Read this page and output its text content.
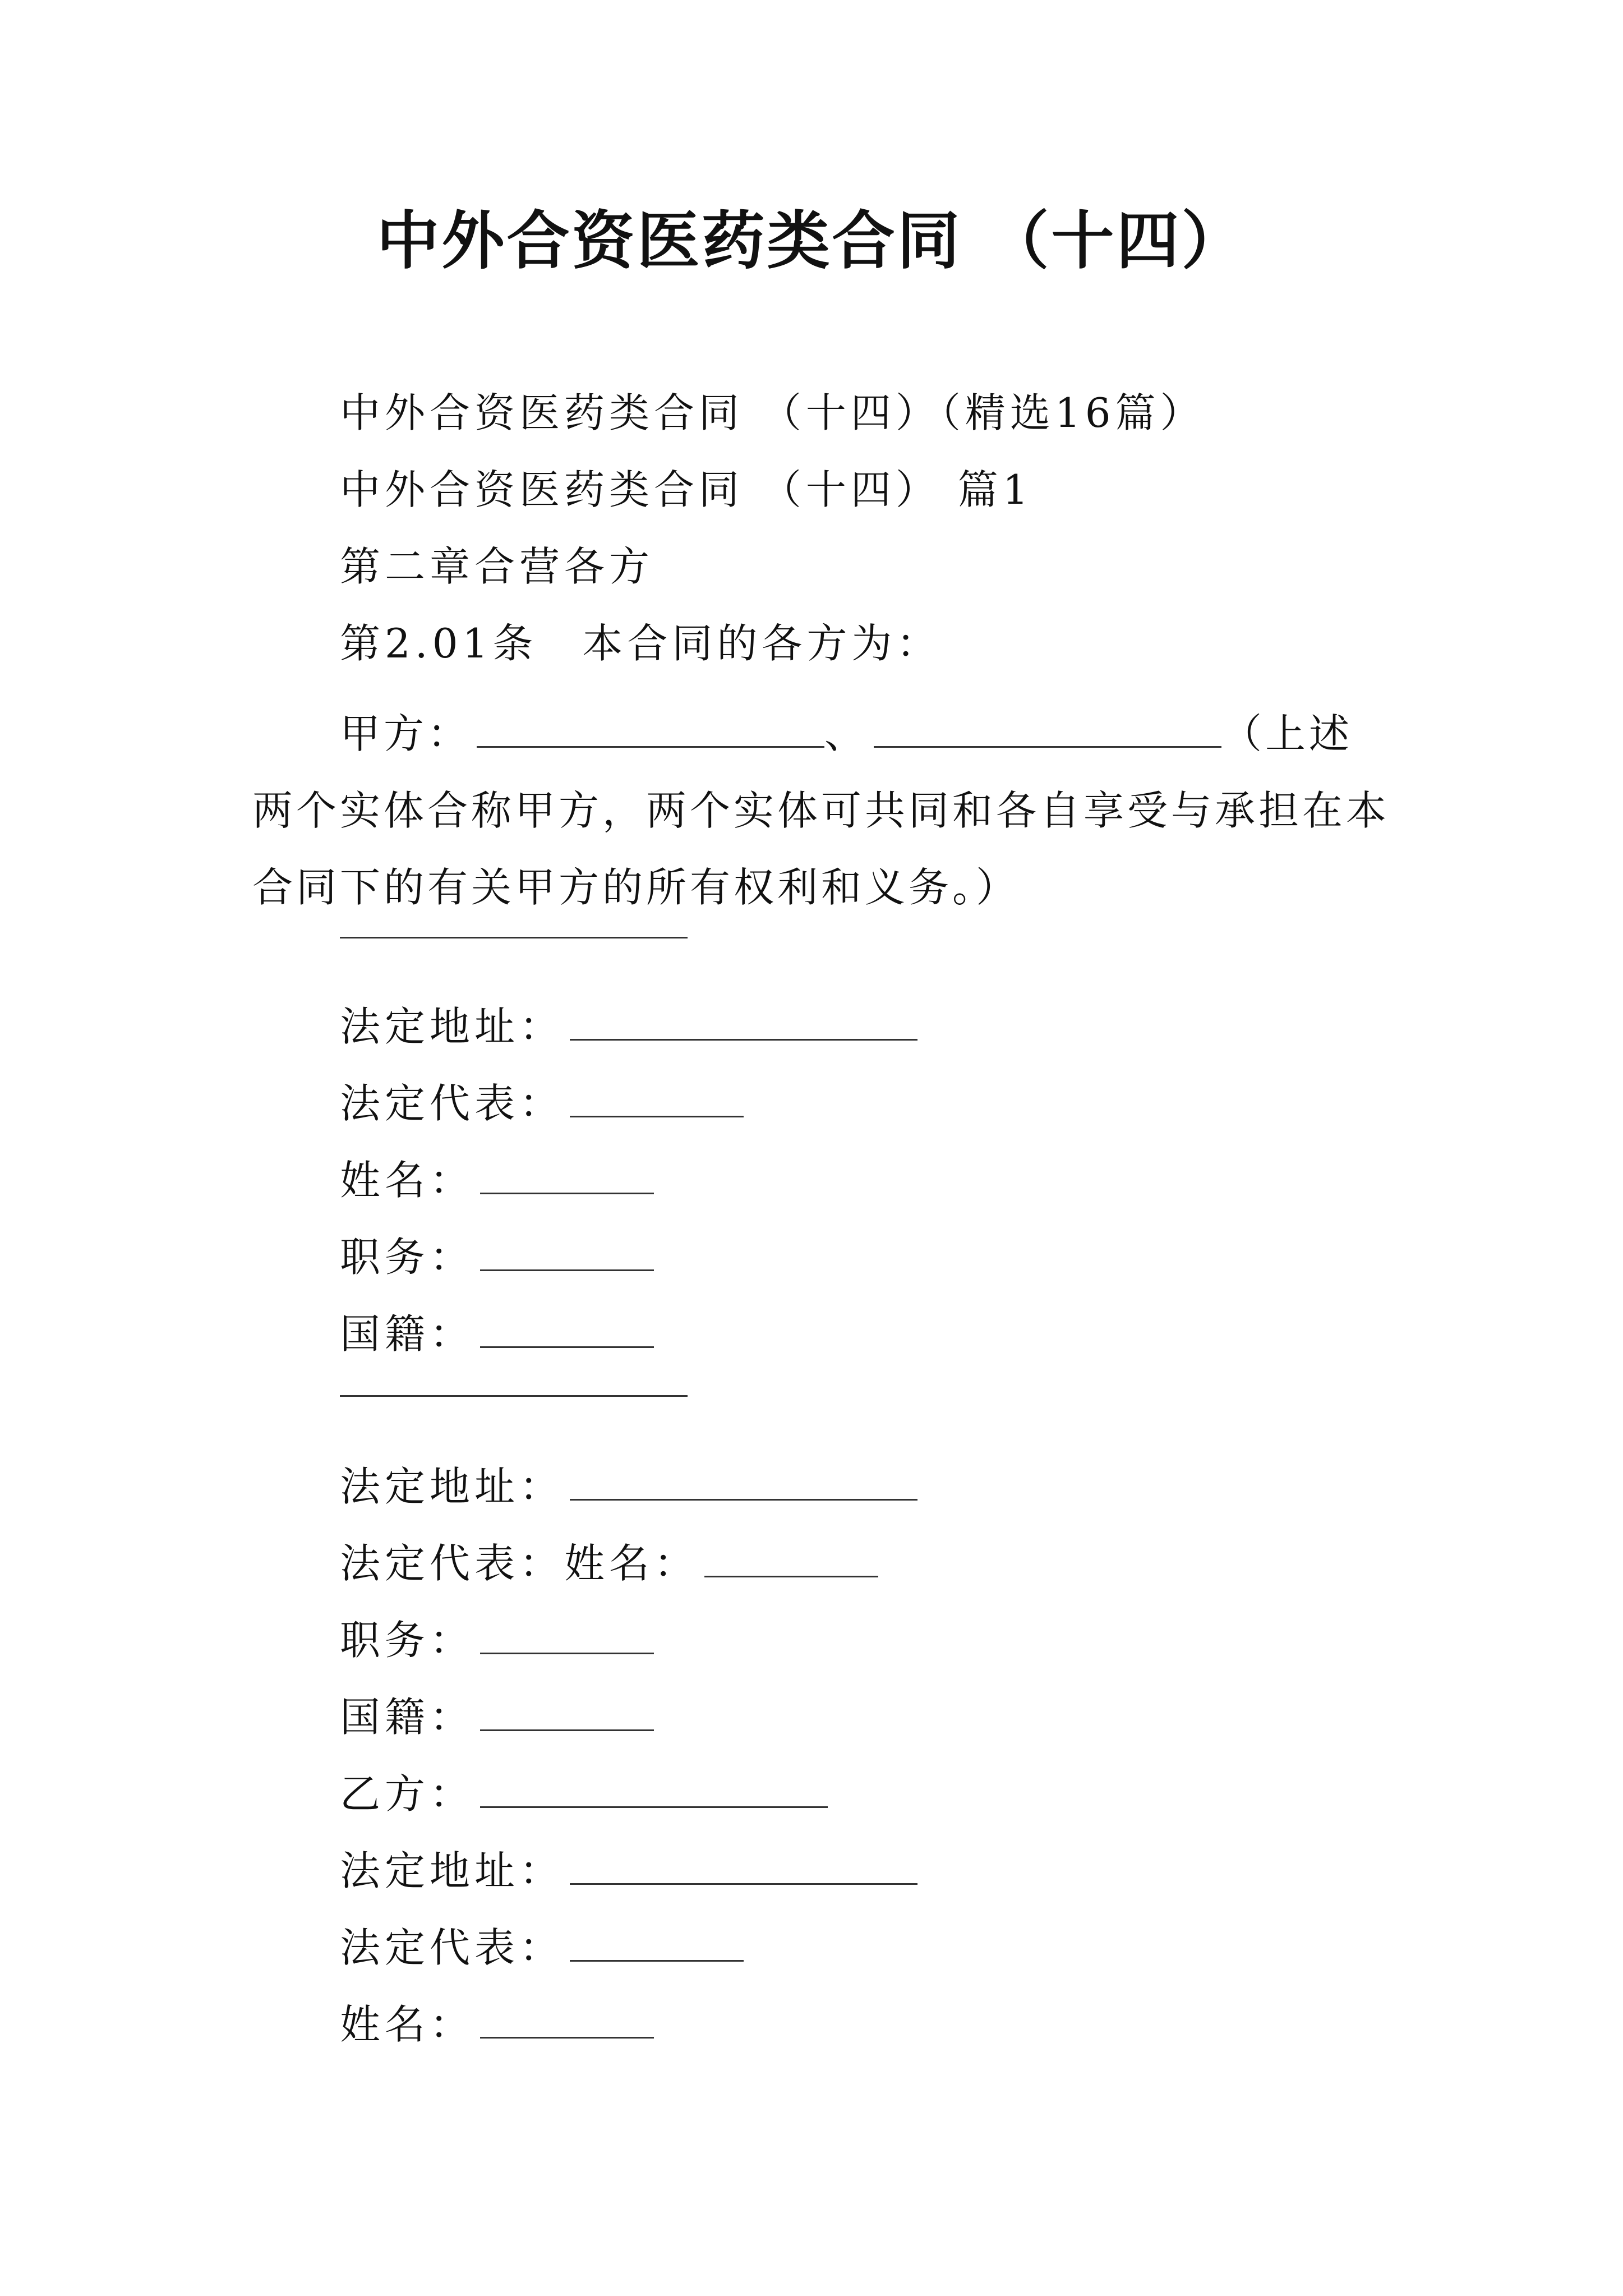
中外合资医药类合同 （十四）
中外合资医药类合同 （十四）（精选16篇）
中外合资医药类合同 （十四） 篇1
第二章合营各方
第2.01条　本合同的各方为：
甲方：	、	（上述两个实体合称甲方，两个实体可共同和各自享受与承担在本合同下的有关甲方的所有权利和义务。）
法定地址：
法定代表：
姓名：
职务：
国籍：
法定地址：
法定代表：姓名：
职务：
国籍：
乙方：
法定地址：
法定代表：
姓名：
